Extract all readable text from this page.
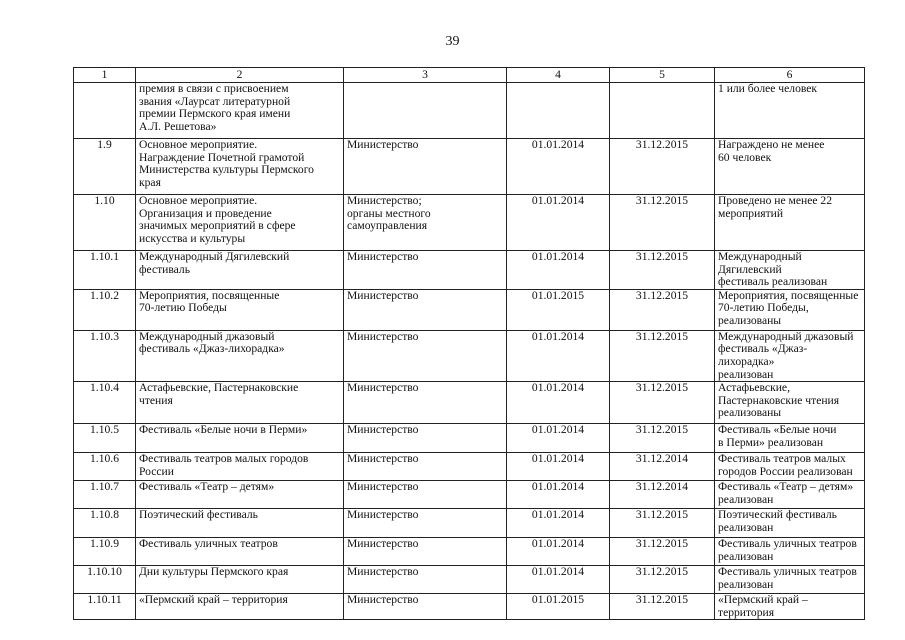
39
1	2	3	4	5	6
	премия в связи с присвоением
звания «Лаурсат литературной
премии Пермского края имени
А.Л. Решетова»				1 или более человек
1.9	Основное мероприятие.
Награждение Почетной грамотой
Министерства культуры Пермского
края	Министерство	01.01.2014	31.12.2015	Награждено не менее
60 человек
1.10	Основное мероприятие.
Организация и проведение
значимых мероприятий в сфере
искусства и культуры	Министерство;
органы местного
самоуправления	01.01.2014	31.12.2015	Проведено не менее 22
мероприятий
1.10.1	Международный Дягилевский
фестиваль	Министерство	01.01.2014	31.12.2015	Международный Дягилевский
фестиваль реализован
1.10.2	Мероприятия, посвященные
70-летию Победы	Министерство	01.01.2015	31.12.2015	Мероприятия, посвященные
70-летию Победы,
реализованы
1.10.3	Международный джазовый
фестиваль «Джаз-лихорадка»	Министерство	01.01.2014	31.12.2015	Международный джазовый
фестиваль «Джаз-лихорадка»
реализован
1.10.4	Астафьевские, Пастернаковские
чтения	Министерство	01.01.2014	31.12.2015	Астафьевские,
Пастернаковские чтения
реализованы
1.10.5	Фестиваль «Белые ночи в Перми»	Министерство	01.01.2014	31.12.2015	Фестиваль «Белые ночи
в Перми» реализован
1.10.6	Фестиваль театров малых городов
России	Министерство	01.01.2014	31.12.2014	Фестиваль театров малых
городов России реализован
1.10.7	Фестиваль «Театр – детям»	Министерство	01.01.2014	31.12.2014	Фестиваль «Театр – детям»
реализован
1.10.8	Поэтический фестиваль	Министерство	01.01.2014	31.12.2015	Поэтический фестиваль
реализован
1.10.9	Фестиваль уличных театров	Министерство	01.01.2014	31.12.2015	Фестиваль уличных театров
реализован
1.10.10	Дни культуры Пермского края	Министерство	01.01.2014	31.12.2015	Фестиваль уличных театров
реализован
1.10.11	«Пермский край – территория	Министерство	01.01.2015	31.12.2015	«Пермский край – территория
